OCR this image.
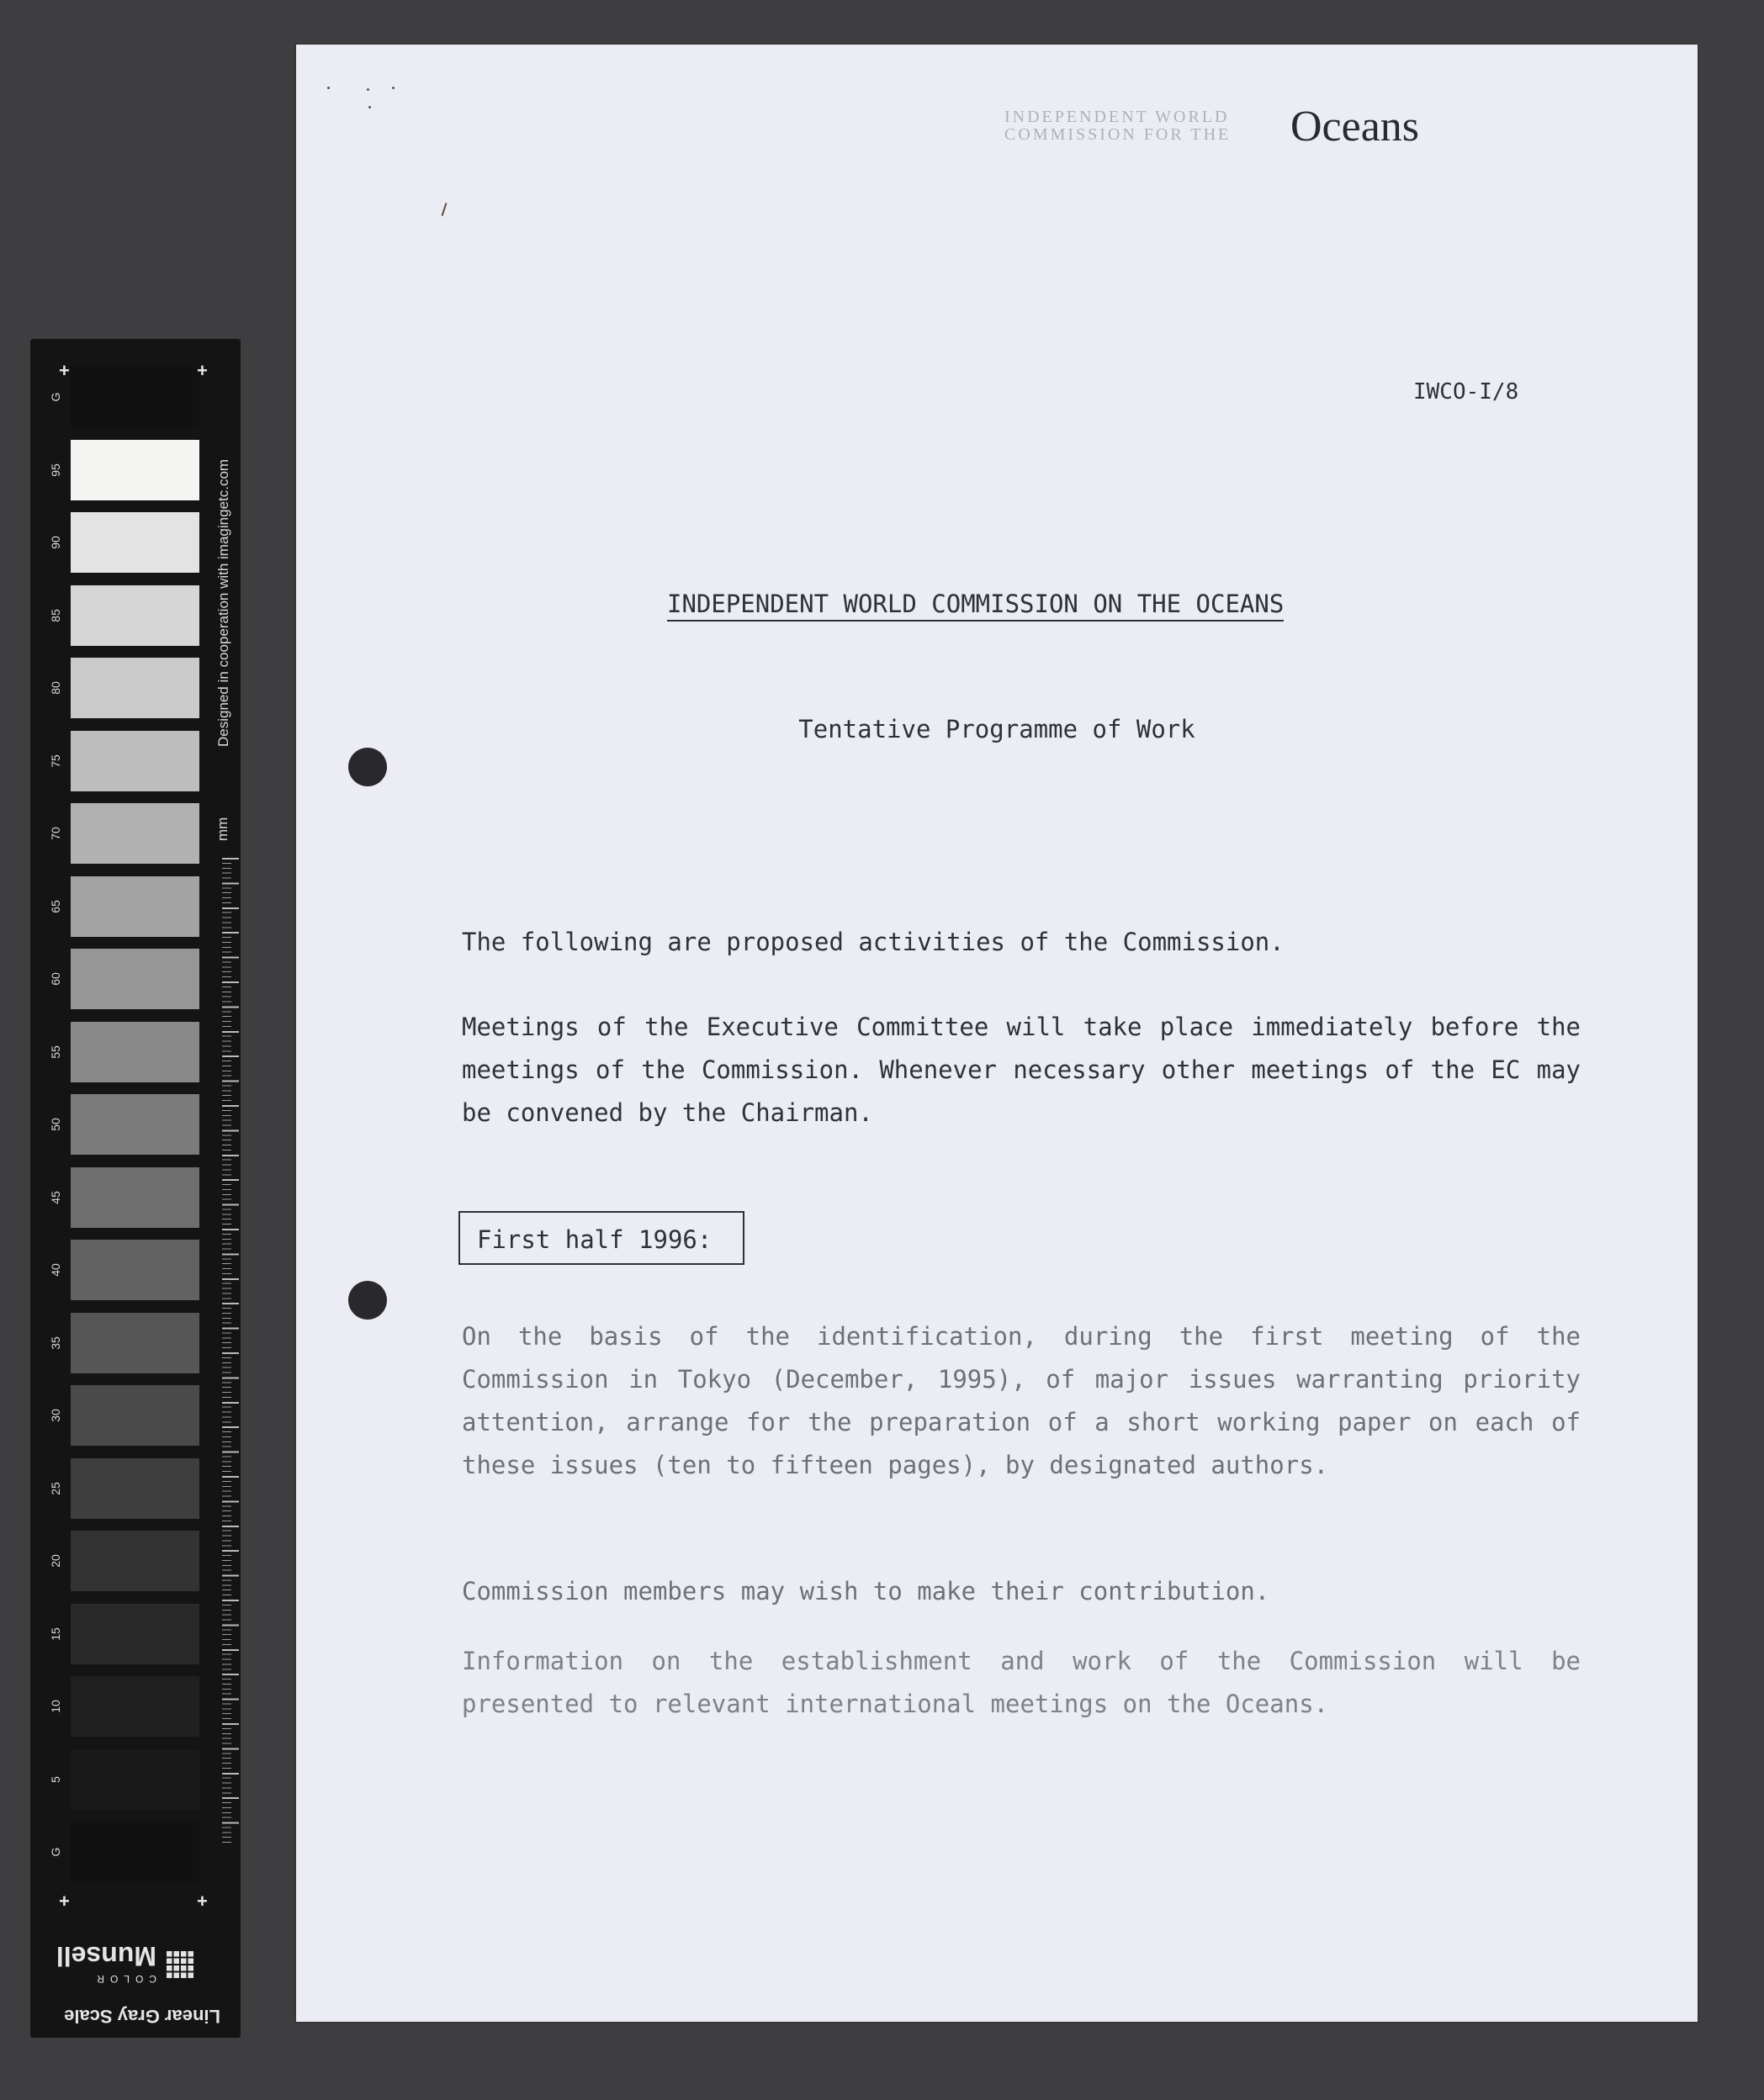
G
95
90
85
80
75
70
65
60
55
50
45
40
35
30
25
20
15
10
5
G
+	+
+	+
Designed in cooperation with imagingetc.com
mm
Linear Gray Scale
COLOR
Munsell
INDEPENDENT WORLD
COMMISSION FOR THE Oceans
IWCO-I/8
INDEPENDENT WORLD COMMISSION ON THE OCEANS
Tentative Programme of Work

The following are proposed activities of the Commission.

Meetings of the Executive Committee will take place immediately before the meetings of the Commission. Whenever necessary other meetings of the EC may be convened by the Chairman.

First half 1996:

On the basis of the identification, during the first meeting of the Commission in Tokyo (December, 1995), of major issues warranting priority attention, arrange for the preparation of a short working paper on each of these issues (ten to fifteen pages), by designated authors.

Commission members may wish to make their contribution.

Information on the establishment and work of the Commission will be presented to relevant international meetings on the Oceans.
